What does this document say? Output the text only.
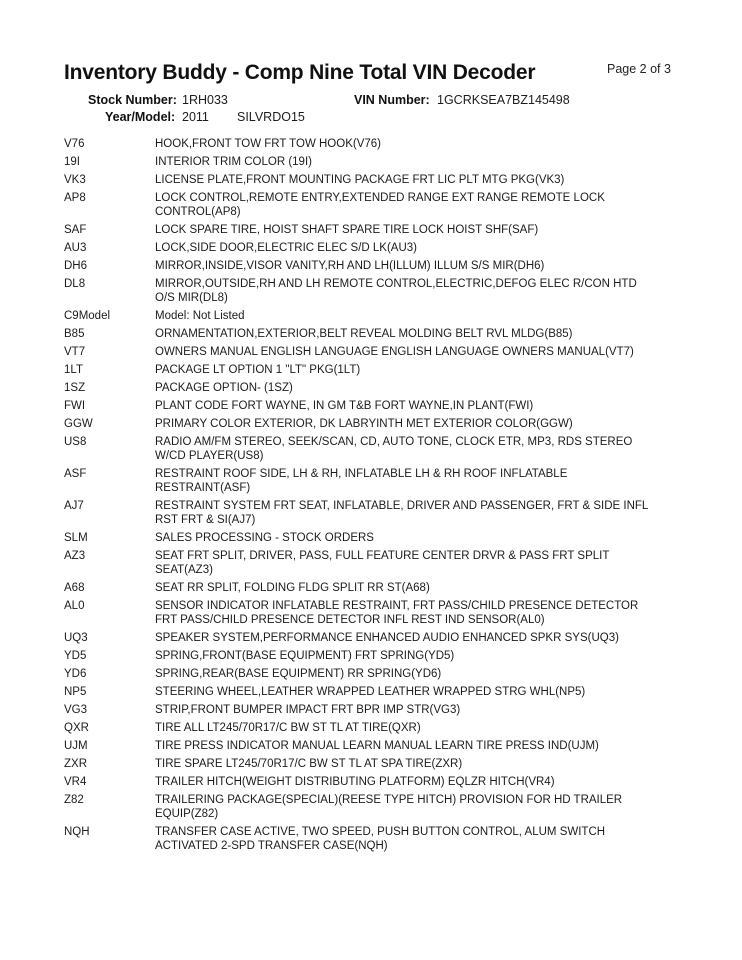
Inventory Buddy - Comp Nine Total VIN Decoder	Page 2 of 3
Stock Number: 1RH033	VIN Number: 1GCRKSEA7BZ145498
Year/Model: 2011 SILVRDO15
V76	HOOK,FRONT TOW FRT TOW HOOK(V76)
19I	INTERIOR TRIM COLOR (19I)
VK3	LICENSE PLATE,FRONT MOUNTING PACKAGE FRT LIC PLT MTG PKG(VK3)
AP8	LOCK CONTROL,REMOTE ENTRY,EXTENDED RANGE EXT RANGE REMOTE LOCK
CONTROL(AP8)
SAF	LOCK SPARE TIRE, HOIST SHAFT SPARE TIRE LOCK HOIST SHF(SAF)
AU3	LOCK,SIDE DOOR,ELECTRIC ELEC S/D LK(AU3)
DH6	MIRROR,INSIDE,VISOR VANITY,RH AND LH(ILLUM) ILLUM S/S MIR(DH6)
DL8	MIRROR,OUTSIDE,RH AND LH REMOTE CONTROL,ELECTRIC,DEFOG ELEC R/CON HTD
O/S MIR(DL8)
C9Model	Model: Not Listed
B85	ORNAMENTATION,EXTERIOR,BELT REVEAL MOLDING BELT RVL MLDG(B85)
VT7	OWNERS MANUAL ENGLISH LANGUAGE ENGLISH LANGUAGE OWNERS MANUAL(VT7)
1LT	PACKAGE LT OPTION 1 "LT" PKG(1LT)
1SZ	PACKAGE OPTION- (1SZ)
FWI	PLANT CODE FORT WAYNE, IN GM T&B FORT WAYNE,IN PLANT(FWI)
GGW	PRIMARY COLOR EXTERIOR, DK LABRYINTH MET EXTERIOR COLOR(GGW)
US8	RADIO AM/FM STEREO, SEEK/SCAN, CD, AUTO TONE, CLOCK ETR, MP3, RDS STEREO
W/CD PLAYER(US8)
ASF	RESTRAINT ROOF SIDE, LH & RH, INFLATABLE LH & RH ROOF INFLATABLE
RESTRAINT(ASF)
AJ7	RESTRAINT SYSTEM FRT SEAT, INFLATABLE, DRIVER AND PASSENGER, FRT & SIDE INFL
RST FRT & SI(AJ7)
SLM	SALES PROCESSING - STOCK ORDERS
AZ3	SEAT FRT SPLIT, DRIVER, PASS, FULL FEATURE CENTER DRVR & PASS FRT SPLIT
SEAT(AZ3)
A68	SEAT RR SPLIT, FOLDING FLDG SPLIT RR ST(A68)
AL0	SENSOR INDICATOR INFLATABLE RESTRAINT, FRT PASS/CHILD PRESENCE DETECTOR
FRT PASS/CHILD PRESENCE DETECTOR INFL REST IND SENSOR(AL0)
UQ3	SPEAKER SYSTEM,PERFORMANCE ENHANCED AUDIO ENHANCED SPKR SYS(UQ3)
YD5	SPRING,FRONT(BASE EQUIPMENT) FRT SPRING(YD5)
YD6	SPRING,REAR(BASE EQUIPMENT) RR SPRING(YD6)
NP5	STEERING WHEEL,LEATHER WRAPPED LEATHER WRAPPED STRG WHL(NP5)
VG3	STRIP,FRONT BUMPER IMPACT FRT BPR IMP STR(VG3)
QXR	TIRE ALL LT245/70R17/C BW ST TL AT TIRE(QXR)
UJM	TIRE PRESS INDICATOR MANUAL LEARN MANUAL LEARN TIRE PRESS IND(UJM)
ZXR	TIRE SPARE LT245/70R17/C BW ST TL AT SPA TIRE(ZXR)
VR4	TRAILER HITCH(WEIGHT DISTRIBUTING PLATFORM) EQLZR HITCH(VR4)
Z82	TRAILERING PACKAGE(SPECIAL)(REESE TYPE HITCH) PROVISION FOR HD TRAILER
EQUIP(Z82)
NQH	TRANSFER CASE ACTIVE, TWO SPEED, PUSH BUTTON CONTROL, ALUM SWITCH
ACTIVATED 2-SPD TRANSFER CASE(NQH)
